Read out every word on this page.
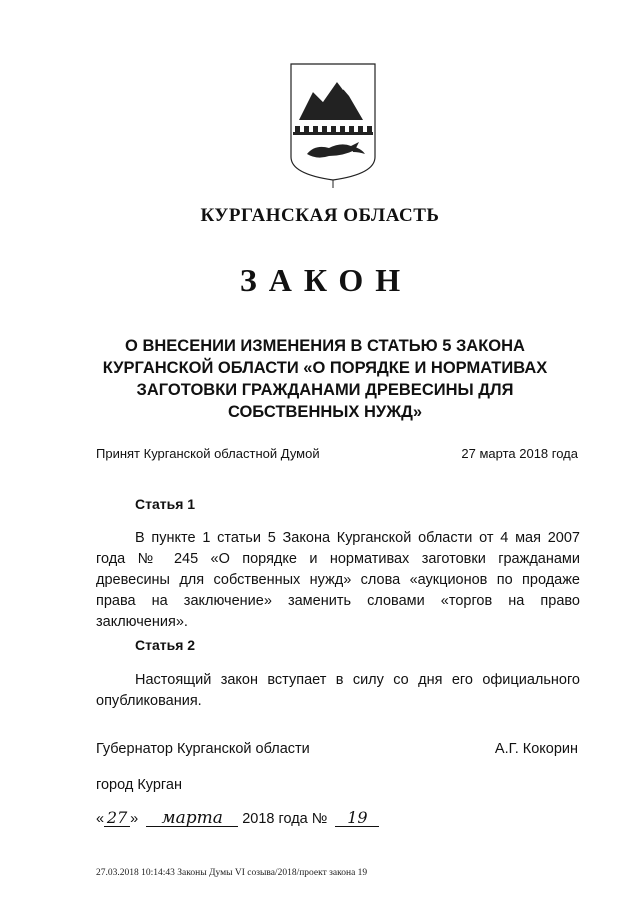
КУРГАНСКАЯ ОБЛАСТЬ
ЗАКОН
О ВНЕСЕНИИ ИЗМЕНЕНИЯ В СТАТЬЮ 5 ЗАКОНА
КУРГАНСКОЙ ОБЛАСТИ «О ПОРЯДКЕ И НОРМАТИВАХ
ЗАГОТОВКИ ГРАЖДАНАМИ ДРЕВЕСИНЫ ДЛЯ
СОБСТВЕННЫХ НУЖД»
Принят Курганской областной Думой	27 марта 2018 года
Статья 1
В пункте 1 статьи 5 Закона Курганской области от 4 мая 2007 года № 245 «О порядке и нормативах заготовки гражданами древесины для собственных нужд» слова «аукционов по продаже права на заключение» заменить словами «торгов на право заключения».
Статья 2
Настоящий закон вступает в силу со дня его официального опубликования.
Губернатор Курганской области	А.Г. Кокорин
город Курган
« 27 » марта 2018 года № 19
27.03.2018 10:14:43 Законы Думы VI созыва/2018/проект закона 19
